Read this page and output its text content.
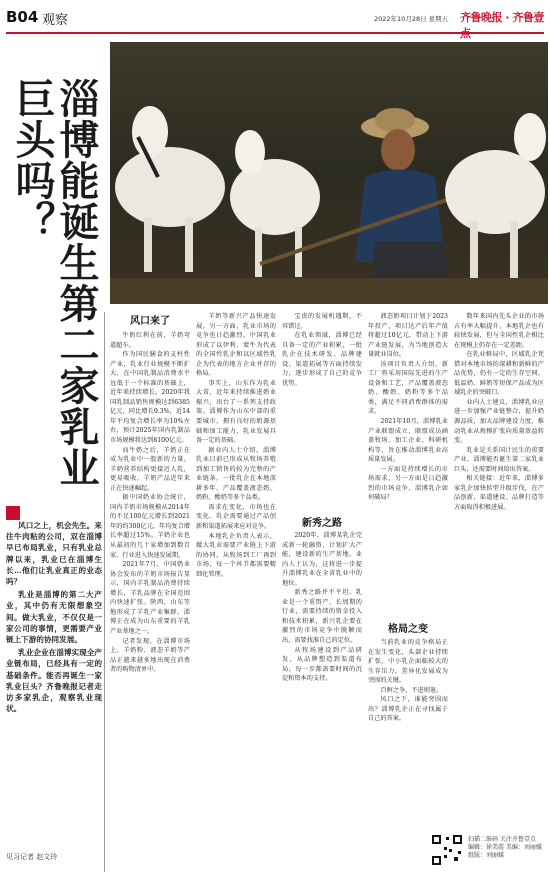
B04 观察	2022年10月28日 星期五 齐鲁晚报 · 齐鲁壹
淄博能诞生第二家乳业巨头吗？

风口之上，机会先生。来往牛肉粘的公司，双在淄博早已布局乳业，只有乳业总牌以来，乳业已在淄博生长…他们让乳业真正的业态吗？

乳业是淄博的第二大产业，其中仍有无限想象空间。做大乳业，不仅仅是一家公司的事情，更需要产业链上下游的协同发展。

乳业企业在淄博实现全产业链布局，已经具有一定的基础条件。能否再诞生一家乳业巨头？齐鲁晚报记者走访多家乳企，观察乳业现状。

见习记者 赵文玲
风口来了

牛奶红利在前，羊奶弯道超车。

作为国民膳食的支柱性产业，乳业行业规模不断扩大，在中国乳制品消费水平远低于一个标准的基础上，近年来持续增长。2020年我国乳制品销售规模达到6385亿元，同比增长9.3%，近14年平均复合增长率为10%左右，预计2025年国内乳制品市场规模将达到8100亿元。

而牛奶之后，羊奶正在成为乳业中一股新的力量。羊奶营养结构更接近人乳，更易吸收，羊奶产品近年来正在快速崛起。

据中国奶业协会统计，国内羊奶市场规模从2014年的不足100亿元增长到2021年的约300亿元，年均复合增长率超过15%。羊奶企业也从最初的几十家增加到数百家，行业进入快速发展期。

2021年7月，中国奶业协会发布的羊奶市场报告显示，国内羊乳制品消费持续增长，羊乳品牌在全国范围内快速扩张。陕西、山东等地形成了羊乳产业集群，淄博正在成为山东重要的羊乳产业基地之一。

记者发现，在淄博市场上，羊奶粉、液态羊奶等产品正越来越多地出现在消费者的购物清单中。

羊奶等新兴产品快速发展，另一方面，乳业市场的竞争也日趋激烈，中国乳业形成了以伊利、蒙牛为代表的全国性乳企和以区域性乳企为代表的地方企业并存的格局。

事实上，山东作为乳业大省，近年来持续推进奶业振兴，出台了一系列支持政策。淄博作为山东中部的重要城市，拥有良好的奶源基础和加工能力，乳业发展具备一定的基础。

据业内人士介绍，淄博乳业目前已形成从牧场养殖到加工销售的较为完整的产业链条。一批乳企在本地深耕多年，产品覆盖液态奶、奶粉、酸奶等多个品类。

需求在变化，市场也在变化。乳企需要通过产品创新和渠道拓展来应对竞争。

本地乳企负责人表示，做大乳业需要产业链上下游的协同，从牧场到工厂再到市场，每一个环节都需要精细化管理。

宝贵的发展机遇期，不容错过。

在乳业领域，淄博已经具备一定的产业积累，一批乳企在技术研发、品牌建设、渠道拓展等方面持续发力，逐步形成了自己的竞争优势。

新秀之路

2020年，淄博某乳企完成新一轮融资，计划扩大产能，建设新的生产基地。业内人士认为，这将进一步提升淄博乳业在全省乳业中的地位。

新秀之路并不平坦。乳业是一个重资产、长周期的行业，需要持续的资金投入和技术积累，新兴乳企要在激烈的市场竞争中脱颖而出，需要找准自己的定位。

从牧场建设到产品研发，从品牌塑造到渠道布局，每一步都需要时间的沉淀和资本的支持。

液态奶项目计划于2023年投产，项目达产后年产值将超过10亿元，带动上下游产业链发展，为当地创造大量就业岗位。

该项目负责人介绍，新工厂将采用国际先进的生产设备和工艺，产品覆盖液态奶、酸奶、奶粉等多个品类，满足不同消费群体的需求。

2021年10月，淄博乳业产业联盟成立，联盟成员涵盖牧场、加工企业、科研机构等，旨在推动淄博乳业高质量发展。

一方面是持续增长的市场需求，另一方面是日趋激烈的市场竞争，淄博乳企如何破局？

格局之变

当前乳业的竞争格局正在发生变化，头部企业持续扩张，中小乳企面临较大的生存压力，差异化发展成为突围的关键。

百舸之争，不进则退。

风口之下，谁能突围而出？淄博乳企正在寻找属于自己的答案。

数年来国内先头企业的市场占有率大幅提升，本地乳企也有较快发展，但与全国性乳企相比在规模上仍存在一定差距。

在乳业格局中，区域乳企凭借对本地市场的深耕和新鲜的产品优势，仍有一定的生存空间。低温奶、鲜奶等短保产品成为区域乳企的突破口。

业内人士建议，淄博乳业应进一步加强产业链整合，提升奶源品质，加大品牌建设力度，推动乳业从规模扩张向质量效益转变。

乳业是关系国计民生的重要产业，淄博能否诞生第二家乳业巨头，还需要时间给出答案。

相关链接：近年来，淄博多家乳企加快转型升级步伐，在产品创新、渠道建设、品牌打造等方面取得积极进展。

扫描二维码 关注齐鲁壹点
编辑：徐美霞 美编：刘丽媛
组版：刘丽媛
